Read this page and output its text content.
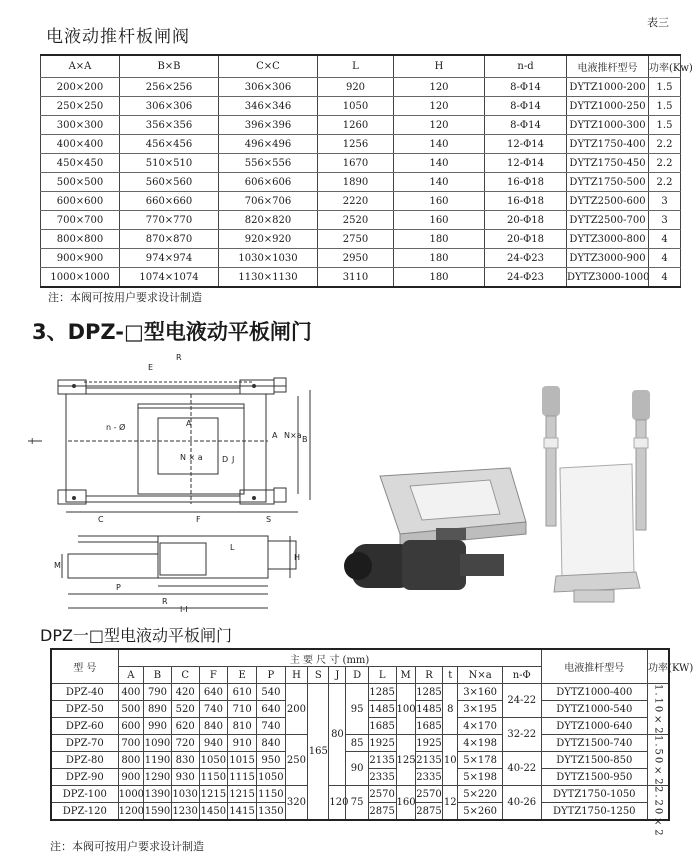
电液动推杆板闸阀
表三
A×A	B×B	C×C	L	H	n-d	电液推杆型号	功率(Kw)
200×200	256×256	306×306	920	120	8-Φ14	DYTZ1000-200	1.5
250×250	306×306	346×346	1050	120	8-Φ14	DYTZ1000-250	1.5
300×300	356×356	396×396	1260	120	8-Φ14	DYTZ1000-300	1.5
400×400	456×456	496×496	1256	140	12-Φ14	DYTZ1750-400	2.2
450×450	510×510	556×556	1670	140	12-Φ14	DYTZ1750-450	2.2
500×500	560×560	606×606	1890	140	16-Φ18	DYTZ1750-500	2.2
600×600	660×660	706×706	2220	160	16-Φ18	DYTZ2500-600	3
700×700	770×770	820×820	2520	160	20-Φ18	DYTZ2500-700	3
800×800	870×870	920×920	2750	180	20-Φ18	DYTZ3000-800	4
900×900	974×974	1030×1030	2950	180	24-Φ23	DYTZ3000-900	4
1000×1000	1074×1074	1130×1130	3110	180	24-Φ23	DYTZ3000-1000	4
注：本阀可按用户要求设计制造
3、DPZ-□型电液动平板闸门
R
E
I
n - Ø	A
N × a D J
A N×a B
C	F	S
L
M
H
P
R
I-I
DPZ一□型电液动平板闸门
型 号	主 要 尺 寸 (mm)																电液推杆型号	功率(KW)
	A	B	C	F	E	P	H	S	J	D	L	M	R	t	N×a	n-Φ		
DPZ-40	400	790	420	640	610	540	200	165	80	95	1285	100	1285	8	3×160	24-22	DYTZ1000-400	1.10×2
DPZ-50	500	890	520	740	710	640					1485		1485		3×195		DYTZ1000-540	
DPZ-60	600	990	620	840	810	740					1685		1685		4×170	32-22	DYTZ1000-640	
DPZ-70	700	1090	720	940	910	840	250			85	1925	125	1925	10	4×198		DYTZ1500-740	1.50×2
DPZ-80	800	1190	830	1050	1015	950				90	2135		2135		5×178	40-22	DYTZ1500-850	
DPZ-90	900	1290	930	1150	1115	1050					2335		2335		5×198		DYTZ1500-950	
DPZ-100	1000	1390	1030	1215	1215	1150	320		120	75	2570	160	2570	12	5×220	40-26	DYTZ1750-1050	2.20×2
DPZ-120	1200	1590	1230	1450	1415	1350					2875		2875		5×260		DYTZ1750-1250	
注：本阀可按用户要求设计制造
